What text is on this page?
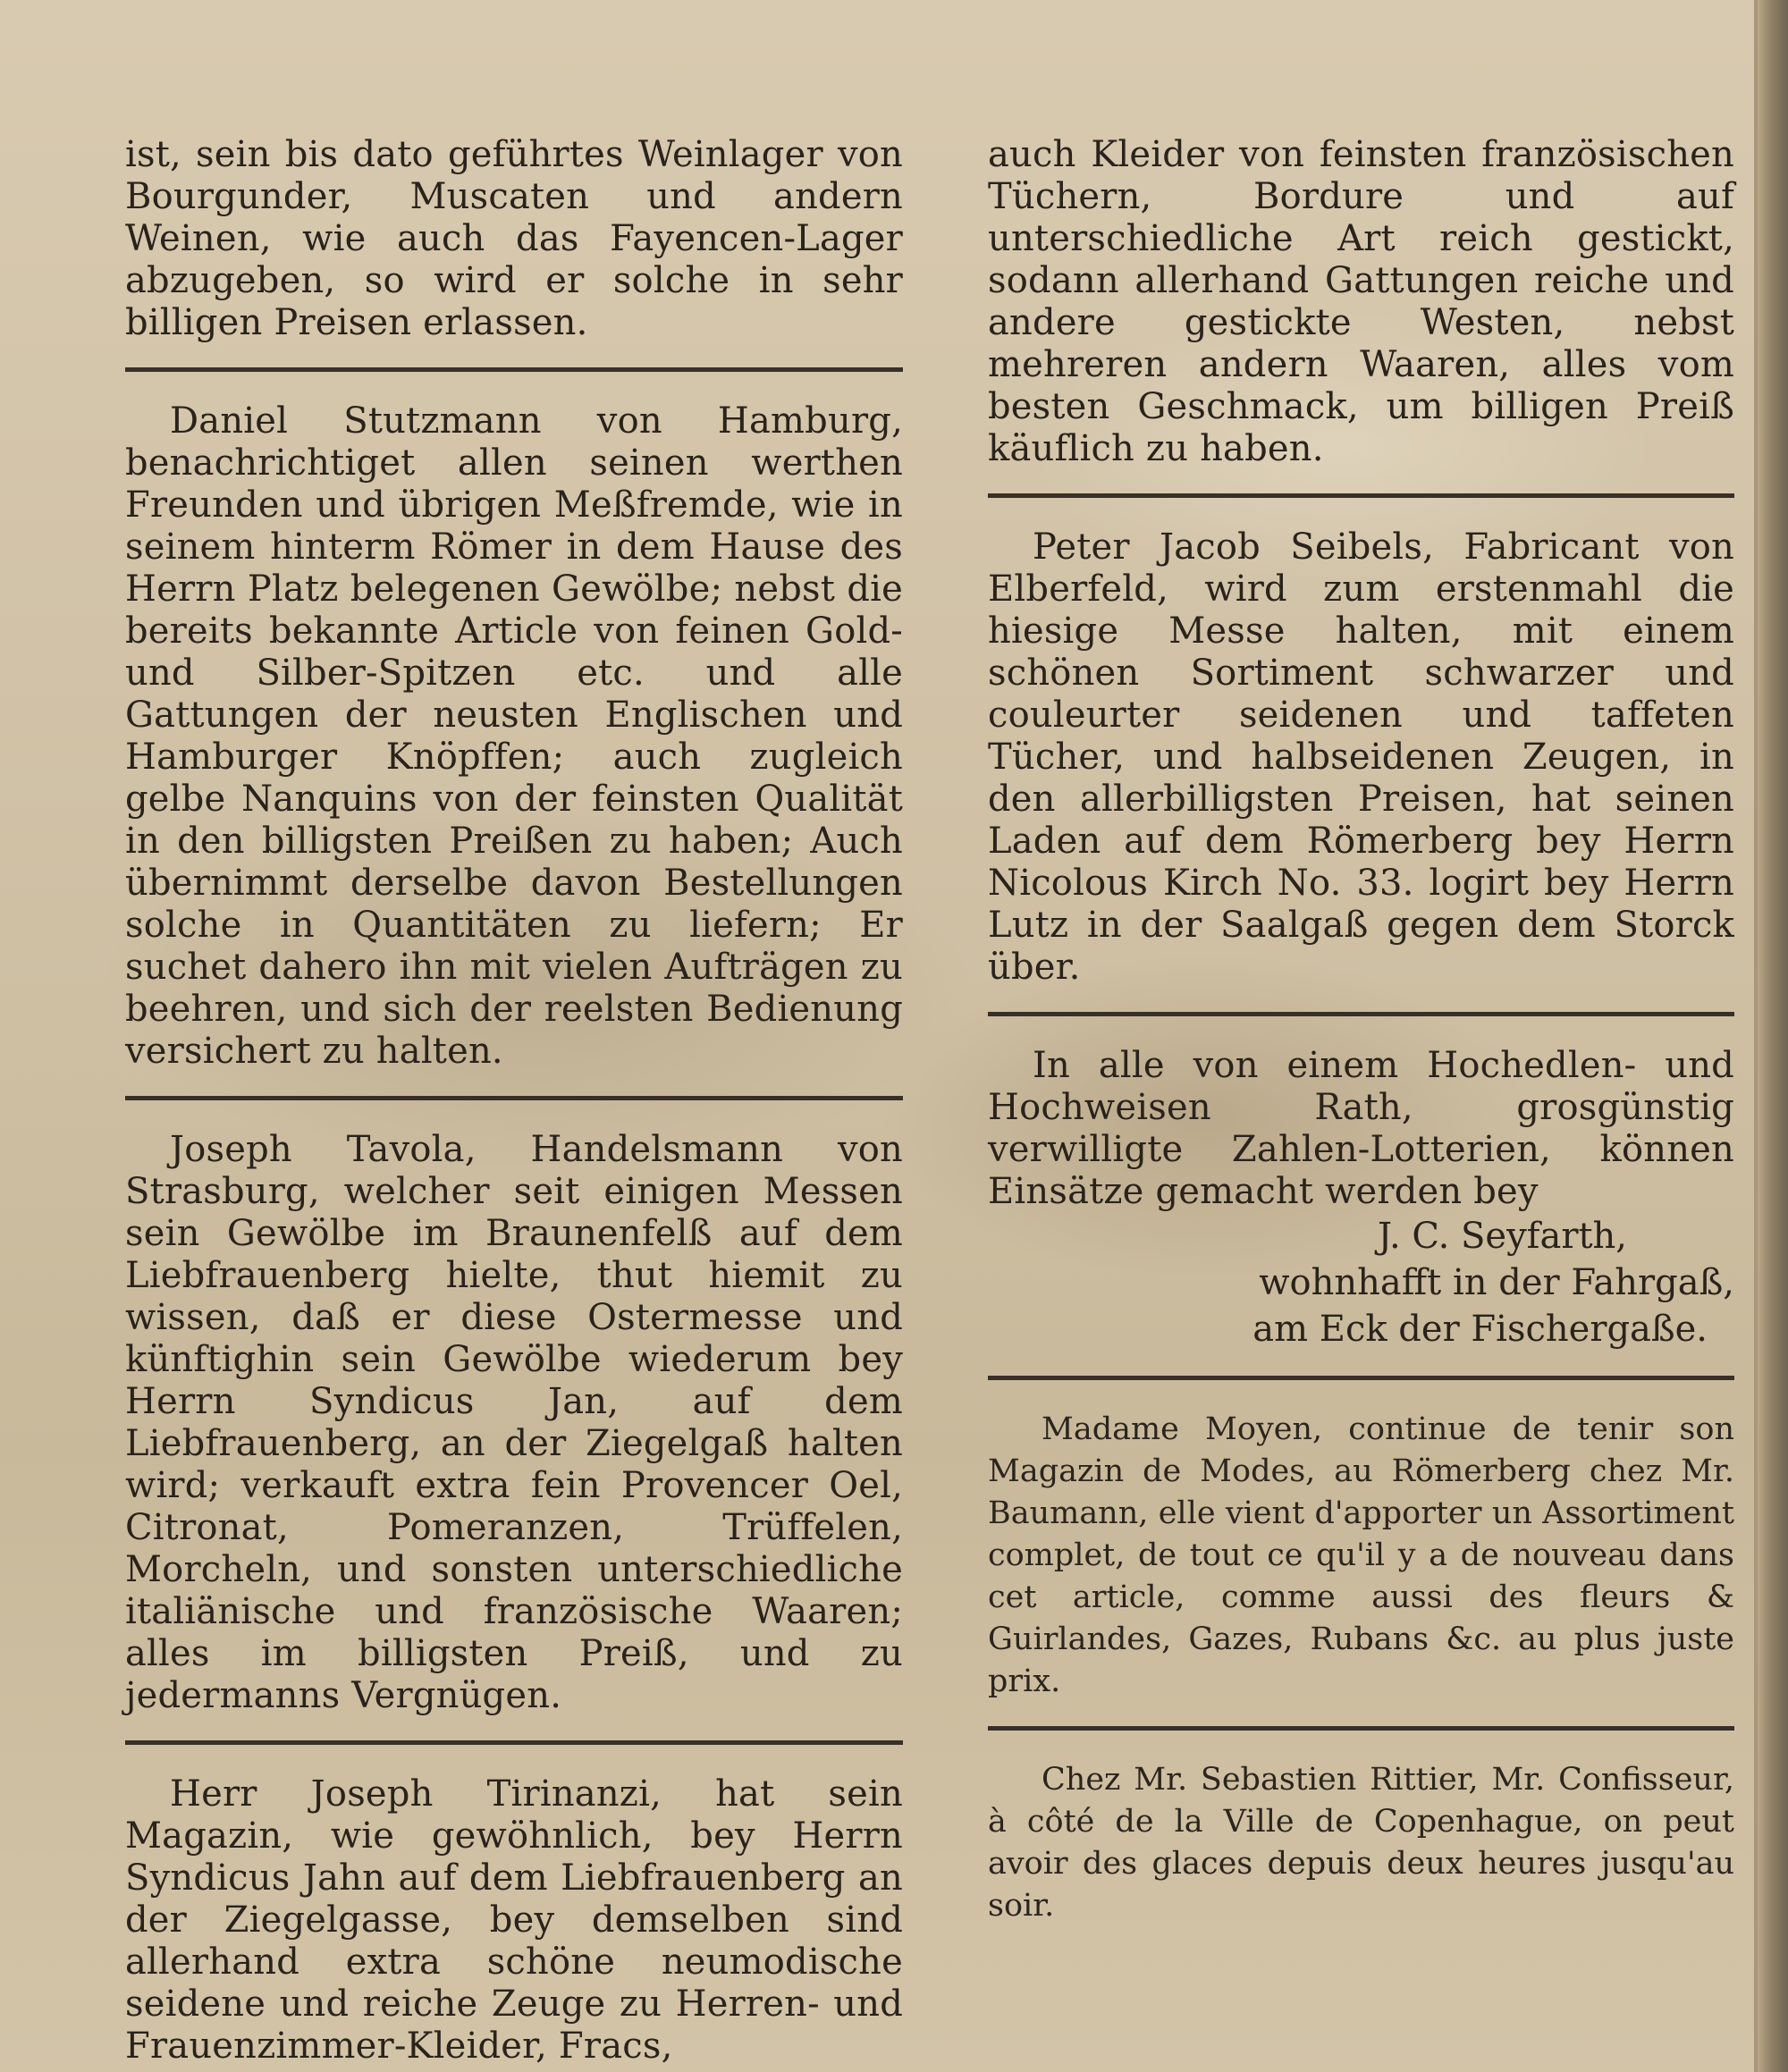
ist, sein bis dato geführtes Weinlager von Bourgunder, Muscaten und andern Weinen, wie auch das Fayencen-Lager abzugeben, so wird er solche in sehr billigen Preisen erlassen.

Daniel Stutzmann von Hamburg, benachrichtiget allen seinen werthen Freunden und übrigen Meßfremde, wie in seinem hinterm Römer in dem Hause des Herrn Platz belegenen Gewölbe; nebst die bereits bekannte Article von feinen Gold- und Silber-Spitzen etc. und alle Gattungen der neusten Englischen und Hamburger Knöpffen; auch zugleich gelbe Nanquins von der feinsten Qualität in den billigsten Preißen zu haben; Auch übernimmt derselbe davon Bestellungen solche in Quantitäten zu liefern; Er suchet dahero ihn mit vielen Aufträgen zu beehren, und sich der reelsten Bedienung versichert zu halten.

Joseph Tavola, Handelsmann von Strasburg, welcher seit einigen Messen sein Gewölbe im Braunenfelß auf dem Liebfrauenberg hielte, thut hiemit zu wissen, daß er diese Ostermesse und künftighin sein Gewölbe wiederum bey Herrn Syndicus Jan, auf dem Liebfrauenberg, an der Ziegelgaß halten wird; verkauft extra fein Provencer Oel, Citronat, Pomeranzen, Trüffelen, Morcheln, und sonsten unterschiedliche italiänische und französische Waaren; alles im billigsten Preiß, und zu jedermanns Vergnügen.

Herr Joseph Tirinanzi, hat sein Magazin, wie gewöhnlich, bey Herrn Syndicus Jahn auf dem Liebfrauenberg an der Ziegelgasse, bey demselben sind allerhand extra schöne neumodische seidene und reiche Zeuge zu Herren- und Frauenzimmer-Kleider, Fracs,

auch Kleider von feinsten französischen Tüchern, Bordure und auf unterschiedliche Art reich gestickt, sodann allerhand Gattungen reiche und andere gestickte Westen, nebst mehreren andern Waaren, alles vom besten Geschmack, um billigen Preiß käuflich zu haben.

Peter Jacob Seibels, Fabricant von Elberfeld, wird zum erstenmahl die hiesige Messe halten, mit einem schönen Sortiment schwarzer und couleurter seidenen und taffeten Tücher, und halbseidenen Zeugen, in den allerbilligsten Preisen, hat seinen Laden auf dem Römerberg bey Herrn Nicolous Kirch No. 33. logirt bey Herrn Lutz in der Saalgaß gegen dem Storck über.

In alle von einem Hochedlen- und Hochweisen Rath, grosgünstig verwilligte Zahlen-Lotterien, können Einsätze gemacht werden bey

J. C. Seyfarth,

wohnhafft in der Fahrgaß,

am Eck der Fischergaße.

Madame Moyen, continue de tenir son Magazin de Modes, au Römerberg chez Mr. Baumann, elle vient d'apporter un Assortiment complet, de tout ce qu'il y a de nouveau dans cet article, comme aussi des fleurs & Guirlandes, Gazes, Rubans &c. au plus juste prix.

Chez Mr. Sebastien Rittier, Mr. Confisseur, à côté de la Ville de Copenhague, on peut avoir des glaces depuis deux heures jusqu'au soir.
